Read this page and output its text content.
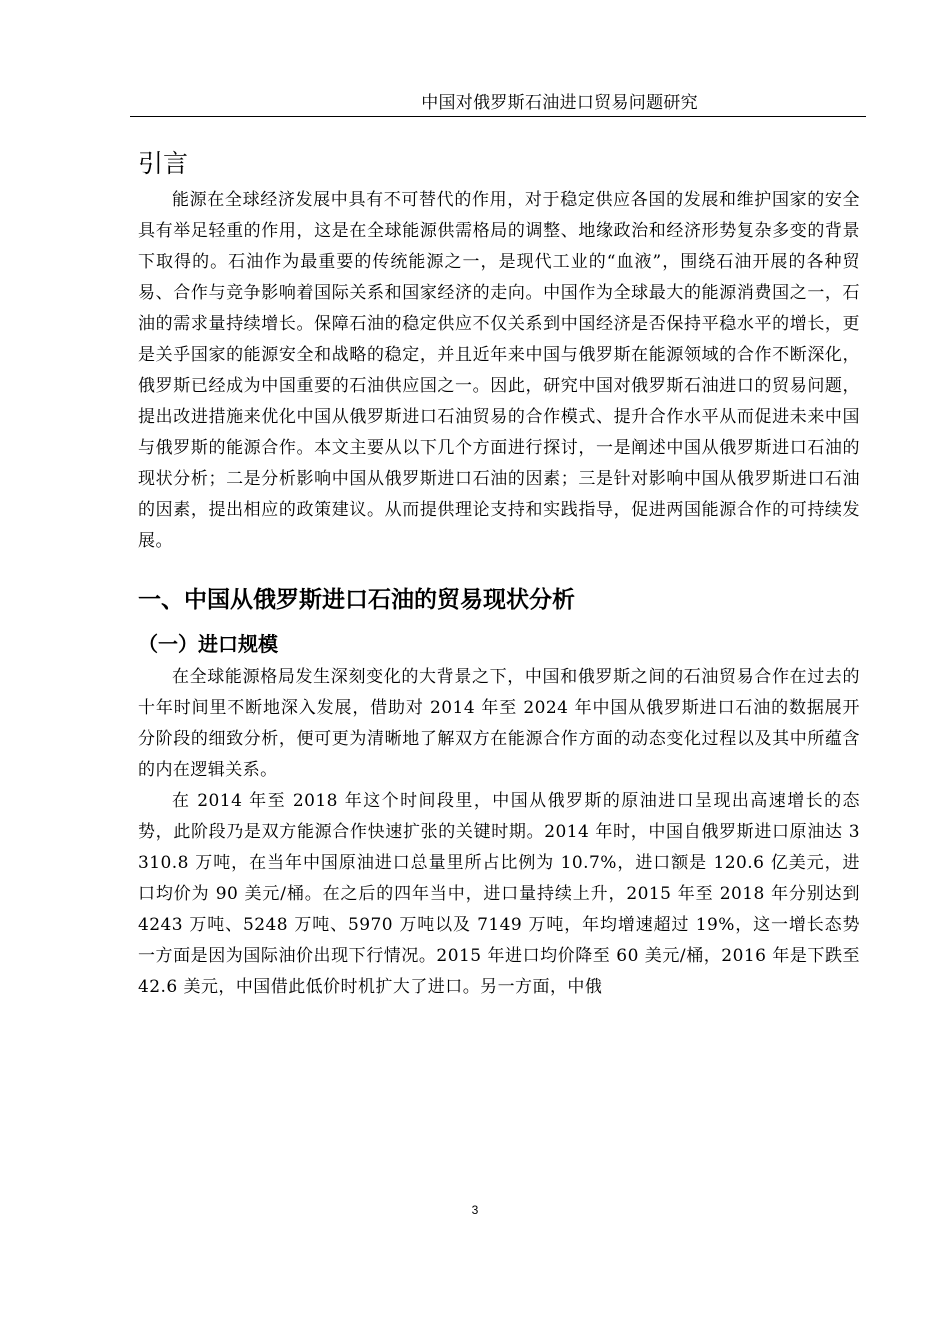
中国对俄罗斯石油进口贸易问题研究
引言

能源在全球经济发展中具有不可替代的作用，对于稳定供应各国的发展和维护国家的安全具有举足轻重的作用，这是在全球能源供需格局的调整、地缘政治和经济形势复杂多变的背景下取得的。石油作为最重要的传统能源之一，是现代工业的“血液”，围绕石油开展的各种贸易、合作与竞争影响着国际关系和国家经济的走向。中国作为全球最大的能源消费国之一，石油的需求量持续增长。保障石油的稳定供应不仅关系到中国经济是否保持平稳水平的增长，更是关乎国家的能源安全和战略的稳定，并且近年来中国与俄罗斯在能源领域的合作不断深化，俄罗斯已经成为中国重要的石油供应国之一。因此，研究中国对俄罗斯石油进口的贸易问题，提出改进措施来优化中国从俄罗斯进口石油贸易的合作模式、提升合作水平从而促进未来中国与俄罗斯的能源合作。本文主要从以下几个方面进行探讨，一是阐述中国从俄罗斯进口石油的现状分析；二是分析影响中国从俄罗斯进口石油的因素；三是针对影响中国从俄罗斯进口石油的因素，提出相应的政策建议。从而提供理论支持和实践指导，促进两国能源合作的可持续发展。

一、中国从俄罗斯进口石油的贸易现状分析
（一）进口规模

在全球能源格局发生深刻变化的大背景之下，中国和俄罗斯之间的石油贸易合作在过去的十年时间里不断地深入发展，借助对 2014 年至 2024 年中国从俄罗斯进口石油的数据展开分阶段的细致分析，便可更为清晰地了解双方在能源合作方面的动态变化过程以及其中所蕴含的内在逻辑关系。

在 2014 年至 2018 年这个时间段里，中国从俄罗斯的原油进口呈现出高速增长的态势，此阶段乃是双方能源合作快速扩张的关键时期。2014 年时，中国自俄罗斯进口原油达 3310.8 万吨，在当年中国原油进口总量里所占比例为 10.7%，进口额是 120.6 亿美元，进口均价为 90 美元/桶。在之后的四年当中，进口量持续上升，2015 年至 2018 年分别达到 4243 万吨、5248 万吨、5970 万吨以及 7149 万吨，年均增速超过 19%，这一增长态势一方面是因为国际油价出现下行情况。2015 年进口均价降至 60 美元/桶，2016 年是下跌至 42.6 美元，中国借此低价时机扩大了进口。另一方面，中俄

3
